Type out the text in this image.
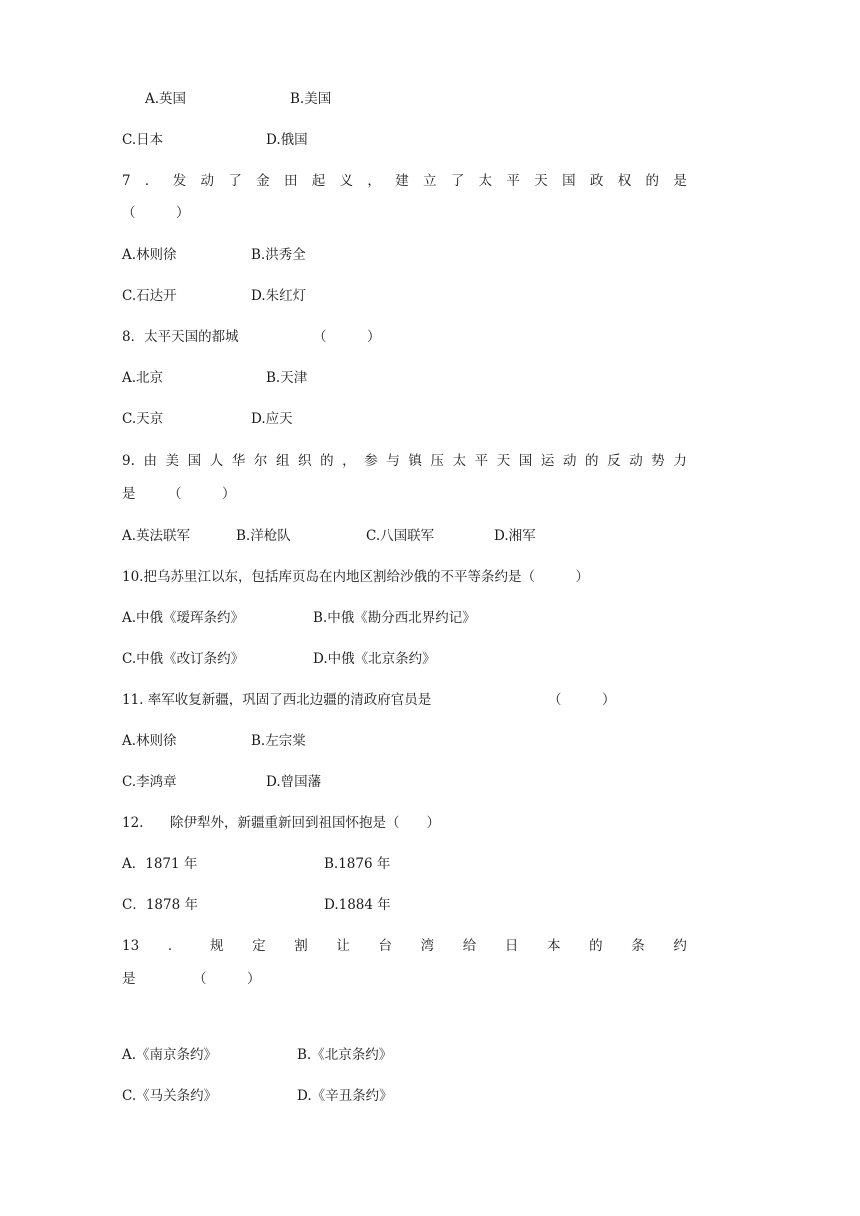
A.英国	B.美国
C.日本	D.俄国
7 ． 发 动 了 金 田 起 义 ， 建 立 了 太 平 天 国 政 权 的 是
（　　　）
A.林则徐	B.洪秀全
C.石达开	D.朱红灯
8．太平天国的都城	（　　　）
A.北京	B.天津
C.天京	D.应天
9. 由 美 国 人 华 尔 组 织 的 ， 参 与 镇 压 太 平 天 国 运 动 的 反 动 势 力
是 （　　　）
A.英法联军	B.洋枪队	C.八国联军	D.湘军
10.把乌苏里江以东，包括库页岛在内地区割给沙俄的不平等条约是（　　　）
A.中俄《瑷珲条约》	B.中俄《勘分西北界约记》
C.中俄《改订条约》	D.中俄《北京条约》
11. 率军收复新疆，巩固了西北边疆的清政府官员是	（　　　）
A.林则徐	B.左宗棠
C.李鸿章	D.曾国藩
12. 除伊犁外，新疆重新回到祖国怀抱是（　　）
A．1871 年	B.1876 年
C．1878 年	D.1884 年
13 ． 规 定 割 让 台 湾 给 日 本 的 条 约
是	（　　　）
A.《南京条约》	B.《北京条约》
C.《马关条约》	D.《辛丑条约》
